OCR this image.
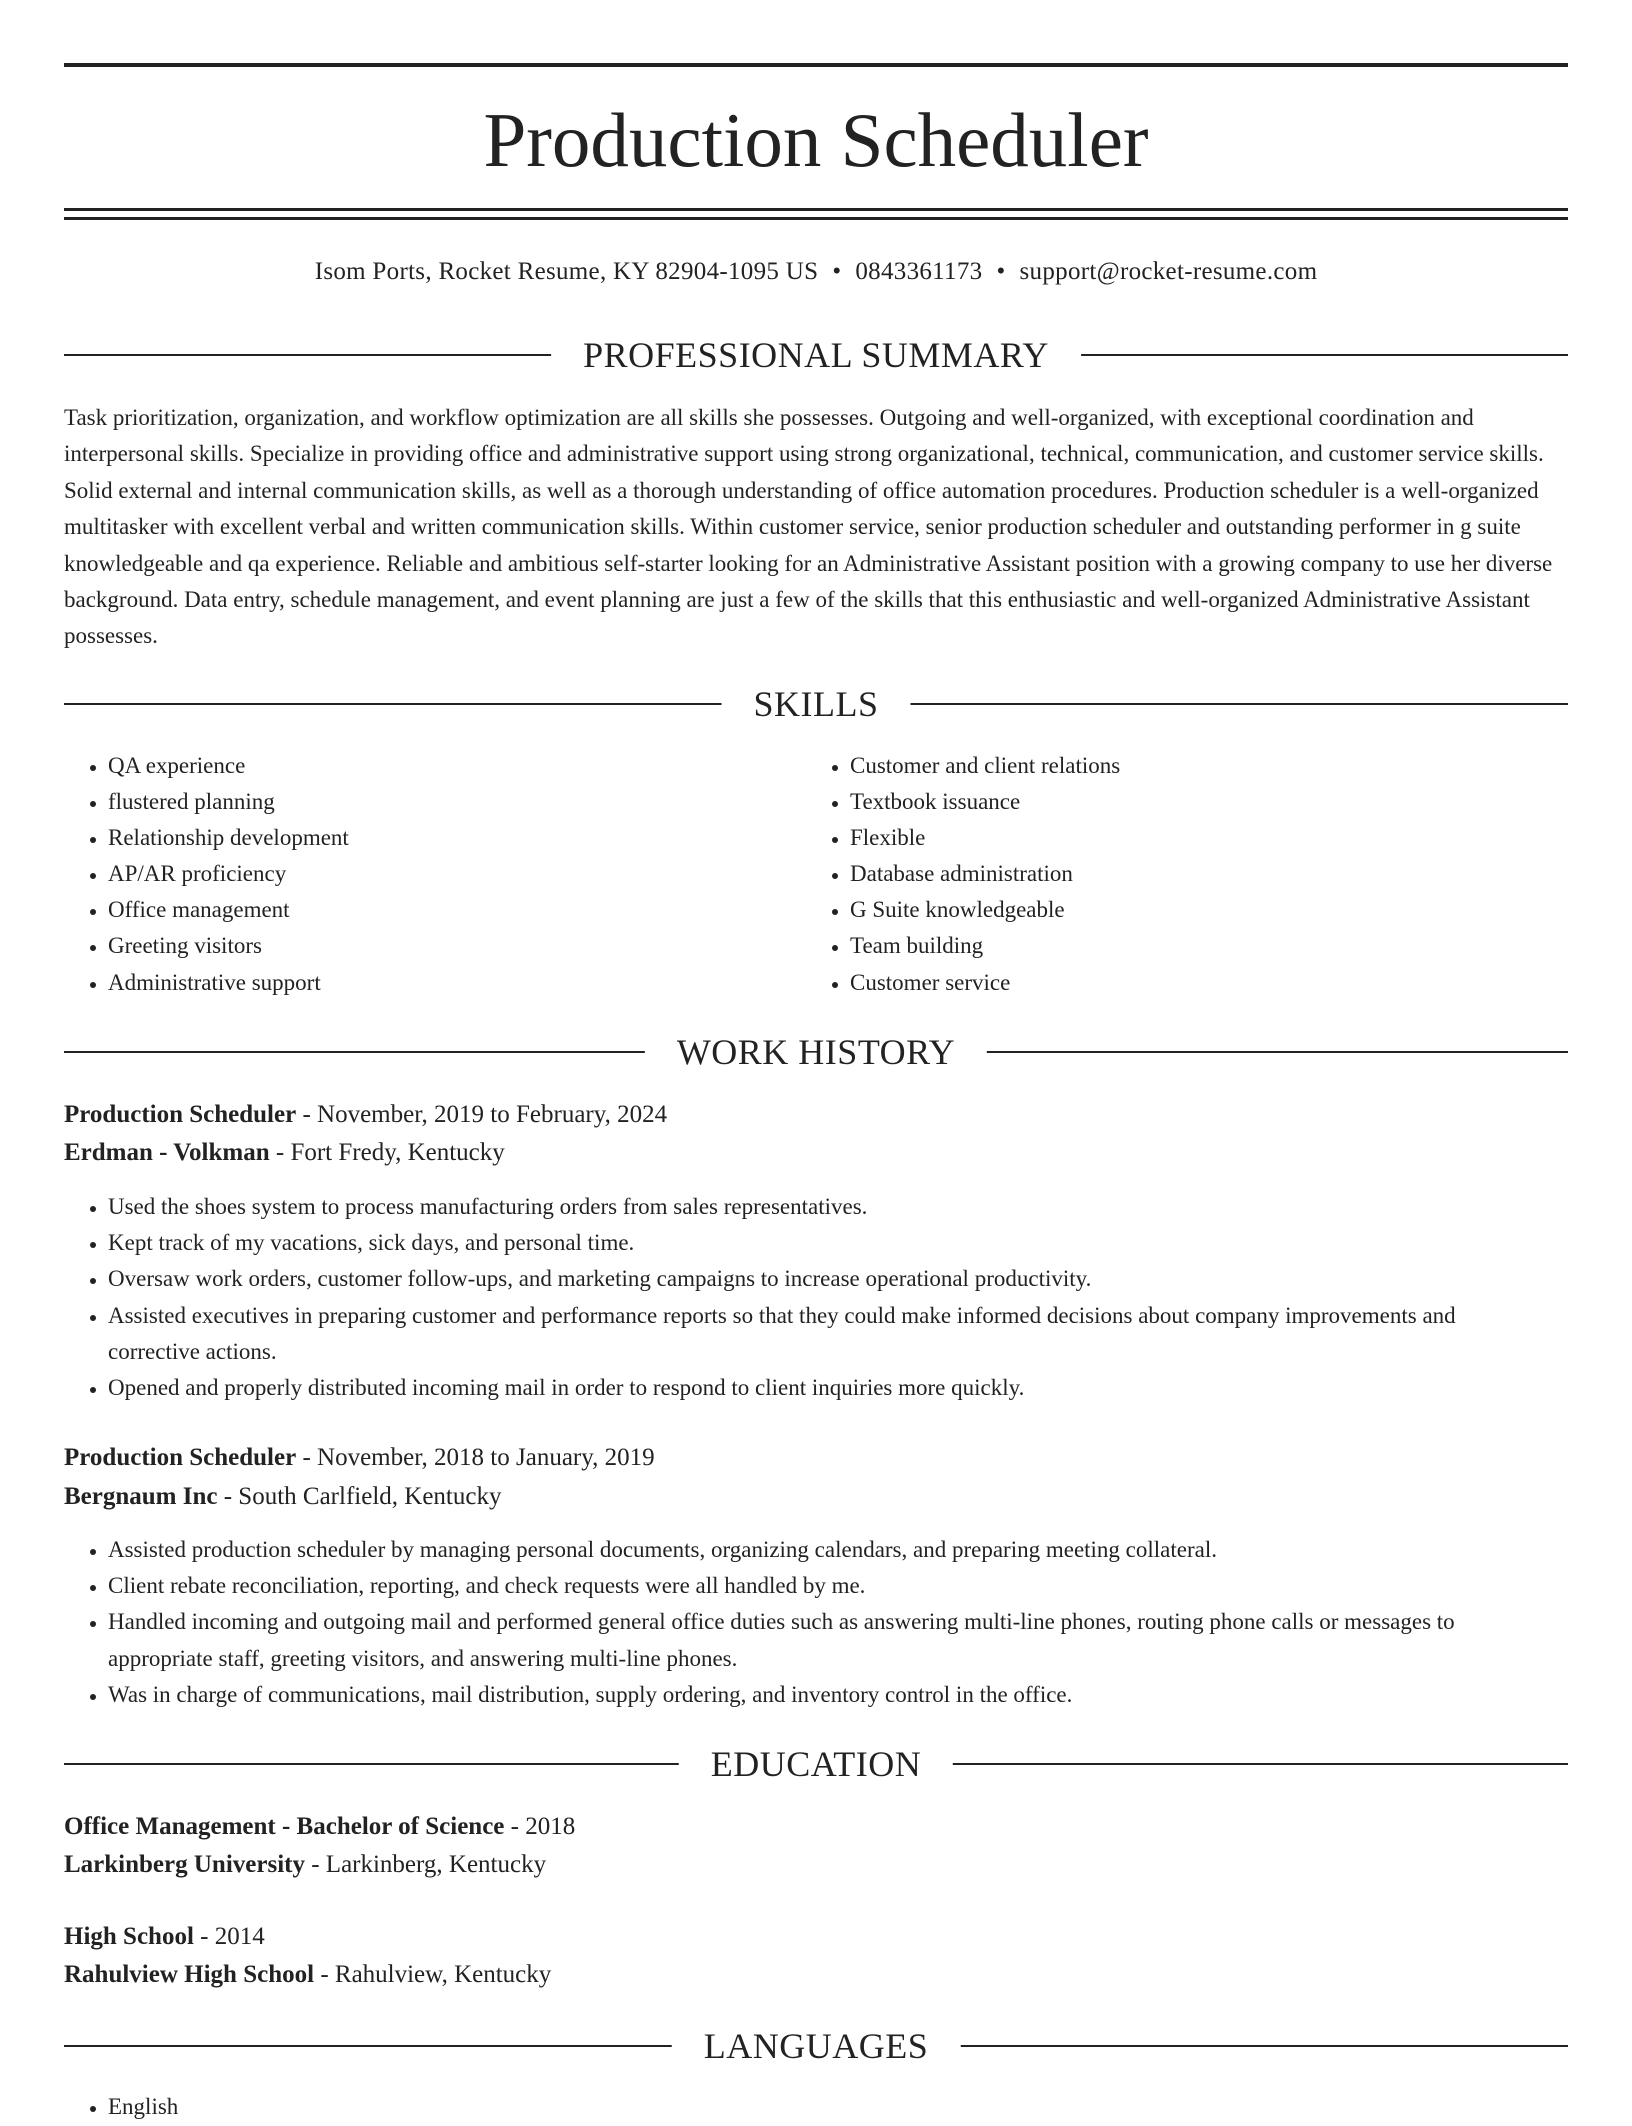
Production Scheduler
Isom Ports, Rocket Resume, KY 82904-1095 US • 0843361173 • support@rocket-resume.com
PROFESSIONAL SUMMARY

Task prioritization, organization, and workflow optimization are all skills she possesses. Outgoing and well-organized, with exceptional coordination and interpersonal skills. Specialize in providing office and administrative support using strong organizational, technical, communication, and customer service skills. Solid external and internal communication skills, as well as a thorough understanding of office automation procedures. Production scheduler is a well-organized multitasker with excellent verbal and written communication skills. Within customer service, senior production scheduler and outstanding performer in g suite knowledgeable and qa experience. Reliable and ambitious self-starter looking for an Administrative Assistant position with a growing company to use her diverse background. Data entry, schedule management, and event planning are just a few of the skills that this enthusiastic and well-organized Administrative Assistant possesses.

SKILLS
• QA experience
• flustered planning
• Relationship development
• AP/AR proficiency
• Office management
• Greeting visitors
• Administrative support
• Customer and client relations
• Textbook issuance
• Flexible
• Database administration
• G Suite knowledgeable
• Team building
• Customer service
WORK HISTORY

Production Scheduler - November, 2019 to February, 2024

Erdman - Volkman - Fort Fredy, Kentucky

• Used the shoes system to process manufacturing orders from sales representatives.
• Kept track of my vacations, sick days, and personal time.
• Oversaw work orders, customer follow-ups, and marketing campaigns to increase operational productivity.
• Assisted executives in preparing customer and performance reports so that they could make informed decisions about company improvements and corrective actions.
• Opened and properly distributed incoming mail in order to respond to client inquiries more quickly.

Production Scheduler - November, 2018 to January, 2019

Bergnaum Inc - South Carlfield, Kentucky

• Assisted production scheduler by managing personal documents, organizing calendars, and preparing meeting collateral.
• Client rebate reconciliation, reporting, and check requests were all handled by me.
• Handled incoming and outgoing mail and performed general office duties such as answering multi-line phones, routing phone calls or messages to appropriate staff, greeting visitors, and answering multi-line phones.
• Was in charge of communications, mail distribution, supply ordering, and inventory control in the office.
EDUCATION

Office Management - Bachelor of Science - 2018

Larkinberg University - Larkinberg, Kentucky

High School - 2014

Rahulview High School - Rahulview, Kentucky

LANGUAGES
• English
